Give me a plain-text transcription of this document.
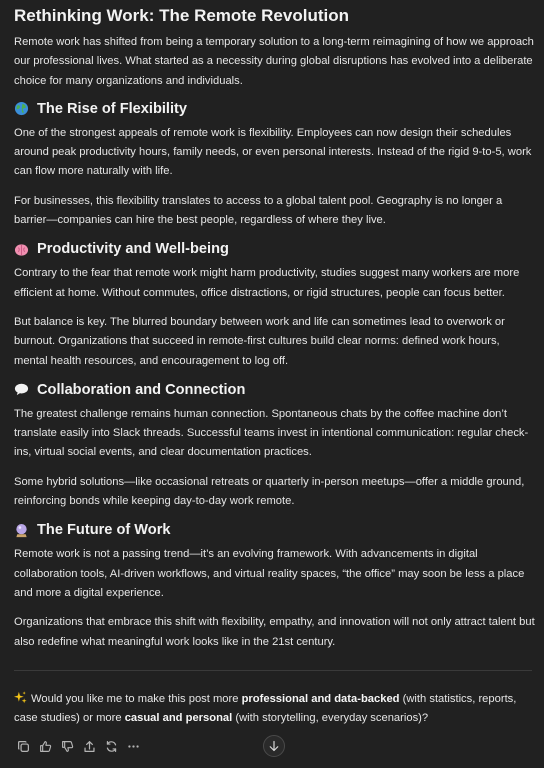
Rethinking Work: The Remote Revolution

Remote work has shifted from being a temporary solution to a long-term reimagining of how we approach our professional lives. What started as a necessity during global disruptions has evolved into a deliberate choice for many organizations and individuals.

The Rise of Flexibility

One of the strongest appeals of remote work is flexibility. Employees can now design their schedules around peak productivity hours, family needs, or even personal interests. Instead of the rigid 9-to-5, work can flow more naturally with life.

For businesses, this flexibility translates to access to a global talent pool. Geography is no longer a barrier—companies can hire the best people, regardless of where they live.

Productivity and Well-being

Contrary to the fear that remote work might harm productivity, studies suggest many workers are more efficient at home. Without commutes, office distractions, or rigid structures, people can focus better.

But balance is key. The blurred boundary between work and life can sometimes lead to overwork or burnout. Organizations that succeed in remote-first cultures build clear norms: defined work hours, mental health resources, and encouragement to log off.

Collaboration and Connection

The greatest challenge remains human connection. Spontaneous chats by the coffee machine don’t translate easily into Slack threads. Successful teams invest in intentional communication: regular check-ins, virtual social events, and clear documentation practices.

Some hybrid solutions—like occasional retreats or quarterly in-person meetups—offer a middle ground, reinforcing bonds while keeping day-to-day work remote.

The Future of Work

Remote work is not a passing trend—it’s an evolving framework. With advancements in digital collaboration tools, AI-driven workflows, and virtual reality spaces, “the office” may soon be less a place and more a digital experience.

Organizations that embrace this shift with flexibility, empathy, and innovation will not only attract talent but also redefine what meaningful work looks like in the 21st century.

Would you like me to make this post more professional and data-backed (with statistics, reports, case studies) or more casual and personal (with storytelling, everyday scenarios)?
